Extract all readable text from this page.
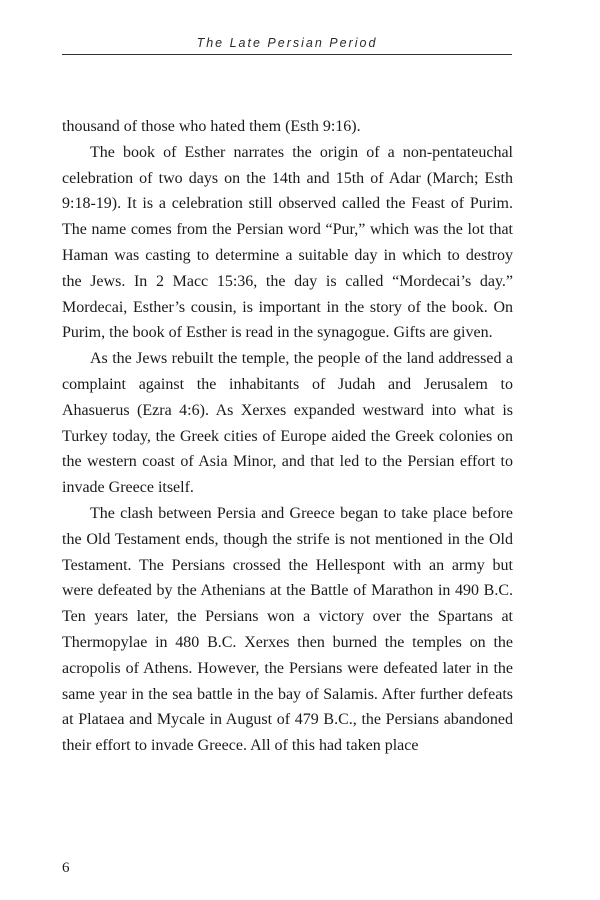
The Late Persian Period

thousand of those who hated them (Esth 9:16).

The book of Esther narrates the origin of a non-pentateuchal celebration of two days on the 14th and 15th of Adar (March; Esth 9:18-19). It is a celebration still observed called the Feast of Purim. The name comes from the Persian word “Pur,” which was the lot that Haman was casting to determine a suitable day in which to destroy the Jews. In 2 Macc 15:36, the day is called “Mordecai’s day.” Mordecai, Esther’s cousin, is important in the story of the book. On Purim, the book of Esther is read in the synagogue. Gifts are given.

As the Jews rebuilt the temple, the people of the land addressed a complaint against the inhabitants of Judah and Jerusalem to Ahasuerus (Ezra 4:6). As Xerxes expanded westward into what is Turkey today, the Greek cities of Europe aided the Greek colonies on the western coast of Asia Minor, and that led to the Persian effort to invade Greece itself.

The clash between Persia and Greece began to take place before the Old Testament ends, though the strife is not mentioned in the Old Testament. The Persians crossed the Hellespont with an army but were defeated by the Athenians at the Battle of Marathon in 490 B.C. Ten years later, the Persians won a victory over the Spartans at Thermopylae in 480 B.C. Xerxes then burned the temples on the acropolis of Athens. However, the Persians were defeated later in the same year in the sea battle in the bay of Salamis. After further defeats at Plataea and Mycale in August of 479 B.C., the Persians abandoned their effort to invade Greece. All of this had taken place

6
